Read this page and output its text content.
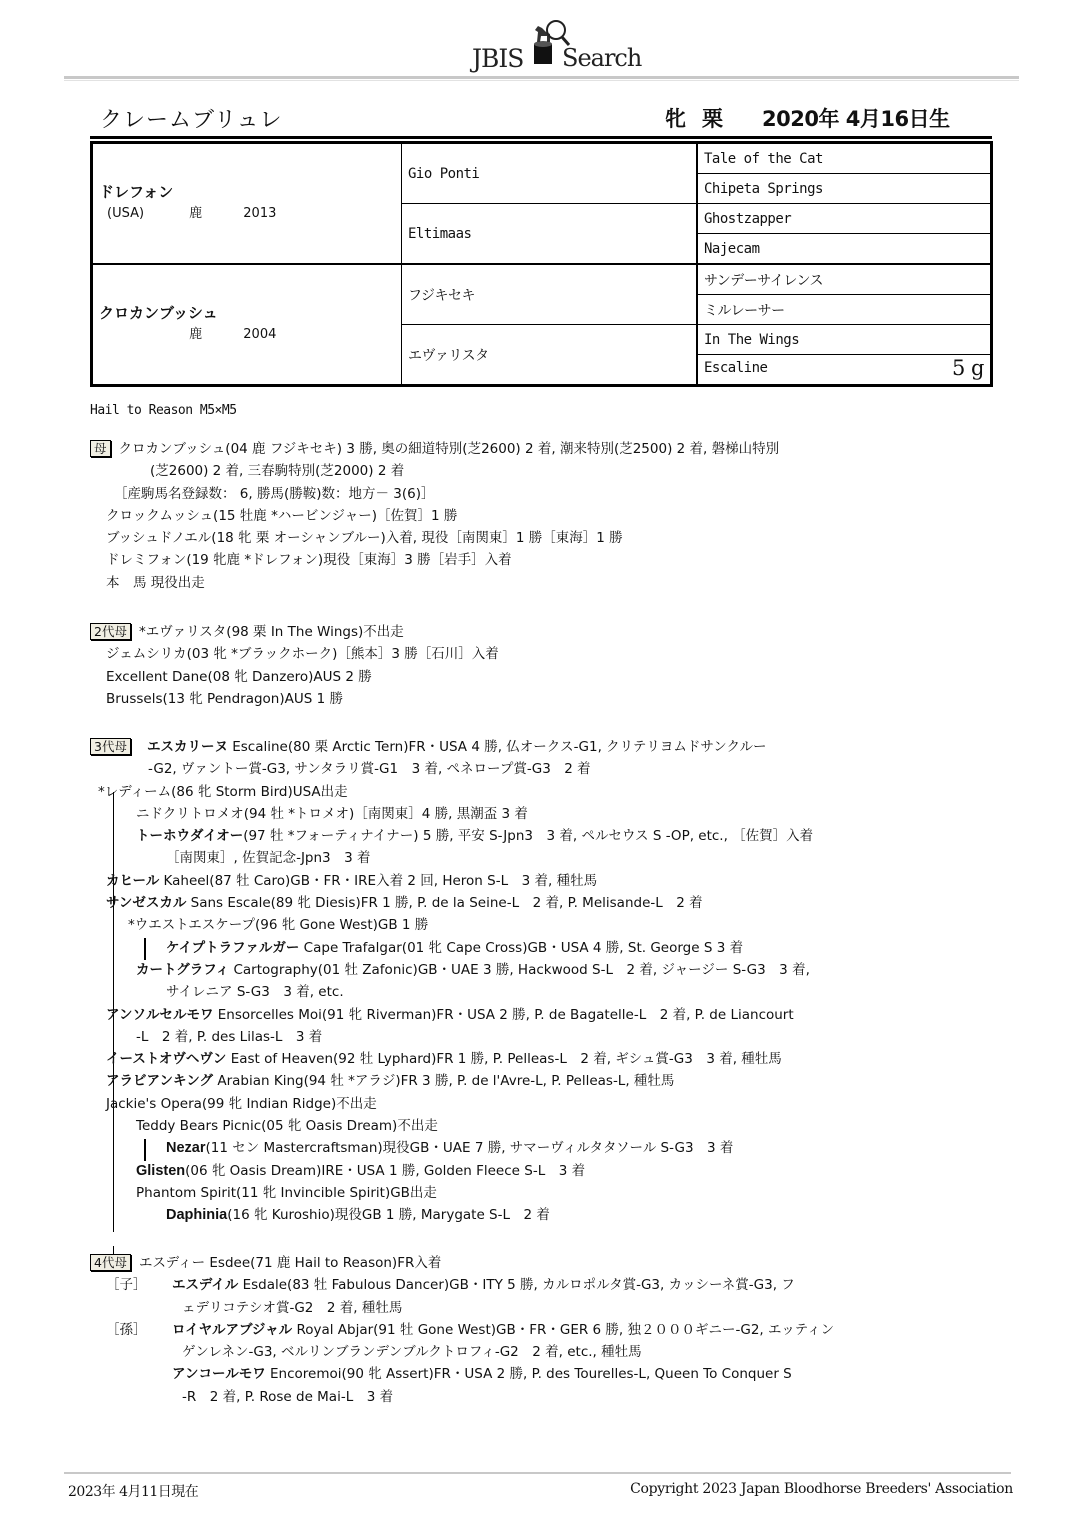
JBIS Search
クレームブリュレ	牝 栗 2020年 4月16日生
ドレフォン
(USA) 鹿 2013	Gio Ponti	Tale of the Cat
		Chipeta Springs
	Eltimaas	Ghostzapper
		Najecam

クロカンブッシュ
鹿 2004	フジキセキ	サンデーサイレンス
		ミルレーサー
	エヴァリスタ	In The Wings
		Escaline 5 g
Hail to Reason M5×M5
母 クロカンブッシュ(04 鹿 フジキセキ) 3 勝, 奥の細道特別(芝2600) 2 着, 潮来特別(芝2500) 2 着, 磐梯山特別
(芝2600) 2 着, 三春駒特別(芝2000) 2 着
［産駒馬名登録数： 6, 勝馬(勝鞍)数：地方－ 3(6)］
クロックムッシュ(15 牡鹿 *ハービンジャー)［佐賀］1 勝
ブッシュドノエル(18 牝 栗 オーシャンブルー)入着, 現役［南関東］1 勝［東海］1 勝
ドレミフォン(19 牝鹿 *ドレフォン)現役［東海］3 勝［岩手］入着
本　馬 現役出走
2代母 *エヴァリスタ(98 栗 In The Wings)不出走
ジェムシリカ(03 牝 *ブラックホーク)［熊本］3 勝［石川］入着
Excellent Dane(08 牝 Danzero)AUS 2 勝
Brussels(13 牝 Pendragon)AUS 1 勝
3代母 エスカリーヌ Escaline(80 栗 Arctic Tern)FR・USA 4 勝, 仏オークス-G1, クリテリヨムドサンクルー
-G2, ヴァントー賞-G3, サンタラリ賞-G1　3 着, ペネロープ賞-G3　2 着
*レディーム(86 牝 Storm Bird)USA出走
ニドクリトロメオ(94 牡 *トロメオ)［南関東］4 勝, 黒潮盃 3 着
トーホウダイオー(97 牡 *フォーティナイナー) 5 勝, 平安 S-Jpn3　3 着, ペルセウス S -OP, etc., ［佐賀］入着
［南関東］, 佐賀記念-Jpn3　3 着
カヒール Kaheel(87 牡 Caro)GB・FR・IRE入着 2 回, Heron S-L　3 着, 種牡馬
サンゼスカル Sans Escale(89 牝 Diesis)FR 1 勝, P. de la Seine-L　2 着, P. Melisande-L　2 着
*ウエストエスケープ(96 牝 Gone West)GB 1 勝
ケイプトラファルガー Cape Trafalgar(01 牝 Cape Cross)GB・USA 4 勝, St. George S 3 着
カートグラフィ Cartography(01 牡 Zafonic)GB・UAE 3 勝, Hackwood S-L　2 着, ジャージー S-G3　3 着,
サイレニア S-G3　3 着, etc.
アンソルセルモワ Ensorcelles Moi(91 牝 Riverman)FR・USA 2 勝, P. de Bagatelle-L　2 着, P. de Liancourt
-L　2 着, P. des Lilas-L　3 着
イーストオヴヘヴン East of Heaven(92 牡 Lyphard)FR 1 勝, P. Pelleas-L　2 着, ギシュ賞-G3　3 着, 種牡馬
アラビアンキング Arabian King(94 牡 *アラジ)FR 3 勝, P. de l'Avre-L, P. Pelleas-L, 種牡馬
Jackie's Opera(99 牝 Indian Ridge)不出走
Teddy Bears Picnic(05 牝 Oasis Dream)不出走
Nezar(11 セン Mastercraftsman)現役GB・UAE 7 勝, サマーヴィルタタソール S-G3　3 着
Glisten(06 牝 Oasis Dream)IRE・USA 1 勝, Golden Fleece S-L　3 着
Phantom Spirit(11 牝 Invincible Spirit)GB出走
Daphinia(16 牝 Kuroshio)現役GB 1 勝, Marygate S-L　2 着
4代母 エスディー Esdee(71 鹿 Hail to Reason)FR入着
［子］ エスデイル Esdale(83 牡 Fabulous Dancer)GB・ITY 5 勝, カルロポルタ賞-G3, カッシーネ賞-G3, フ
ェデリコテシオ賞-G2　2 着, 種牡馬
［孫］ ロイヤルアブジャル Royal Abjar(91 牡 Gone West)GB・FR・GER 6 勝, 独２０００ギニー-G2, エッティン
ゲンレネン-G3, ベルリンブランデンブルクトロフィ-G2　2 着, etc., 種牡馬
アンコールモワ Encoremoi(90 牝 Assert)FR・USA 2 勝, P. des Tourelles-L, Queen To Conquer S
-R　2 着, P. Rose de Mai-L　3 着
2023年 4月11日現在	Copyright 2023 Japan Bloodhorse Breeders' Association
